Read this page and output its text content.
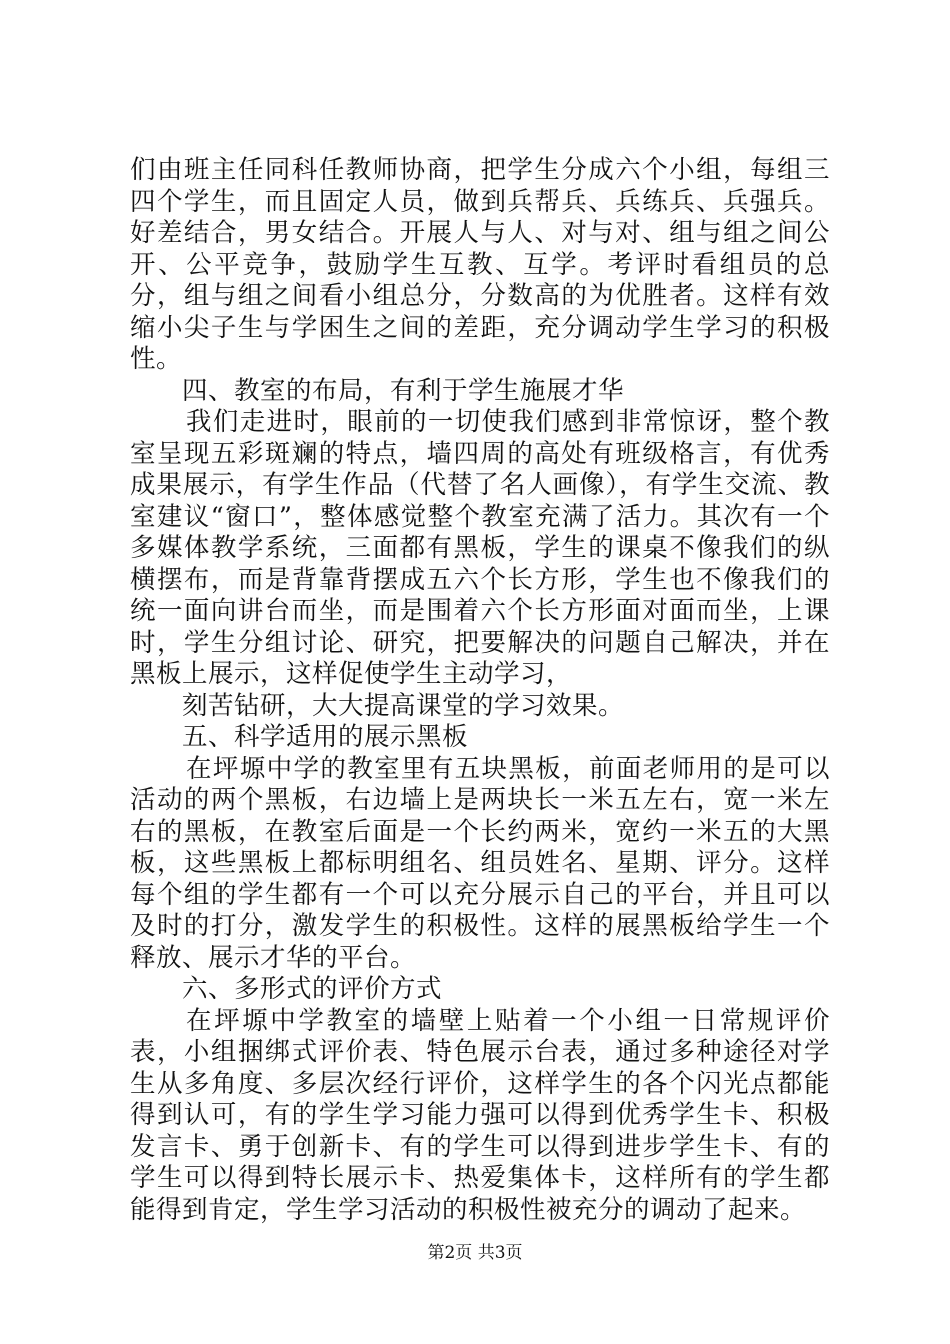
们由班主任同科任教师协商，把学生分成六个小组，每组三四个学生，而且固定人员，做到兵帮兵、兵练兵、兵强兵。好差结合，男女结合。开展人与人、对与对、组与组之间公开、公平竞争，鼓励学生互教、互学。考评时看组员的总分，组与组之间看小组总分，分数高的为优胜者。这样有效缩小尖子生与学困生之间的差距，充分调动学生学习的积极性。

四、教室的布局，有利于学生施展才华

我们走进时，眼前的一切使我们感到非常惊讶，整个教室呈现五彩斑斓的特点，墙四周的高处有班级格言，有优秀成果展示，有学生作品（代替了名人画像），有学生交流、教室建议“窗口”，整体感觉整个教室充满了活力。其次有一个多媒体教学系统，三面都有黑板，学生的课桌不像我们的纵横摆布，而是背靠背摆成五六个长方形，学生也不像我们的统一面向讲台而坐，而是围着六个长方形面对面而坐，上课时，学生分组讨论、研究，把要解决的问题自己解决，并在黑板上展示，这样促使学生主动学习，

刻苦钻研，大大提高课堂的学习效果。

五、科学适用的展示黑板

在坪塬中学的教室里有五块黑板，前面老师用的是可以活动的两个黑板，右边墙上是两块长一米五左右，宽一米左右的黑板，在教室后面是一个长约两米，宽约一米五的大黑板，这些黑板上都标明组名、组员姓名、星期、评分。这样每个组的学生都有一个可以充分展示自己的平台，并且可以及时的打分，激发学生的积极性。这样的展黑板给学生一个释放、展示才华的平台。

六、多形式的评价方式

在坪塬中学教室的墙壁上贴着一个小组一日常规评价表，小组捆绑式评价表、特色展示台表，通过多种途径对学生从多角度、多层次经行评价，这样学生的各个闪光点都能得到认可，有的学生学习能力强可以得到优秀学生卡、积极发言卡、勇于创新卡、有的学生可以得到进步学生卡、有的学生可以得到特长展示卡、热爱集体卡，这样所有的学生都能得到肯定，学生学习活动的积极性被充分的调动了起来。

第2页 共3页
